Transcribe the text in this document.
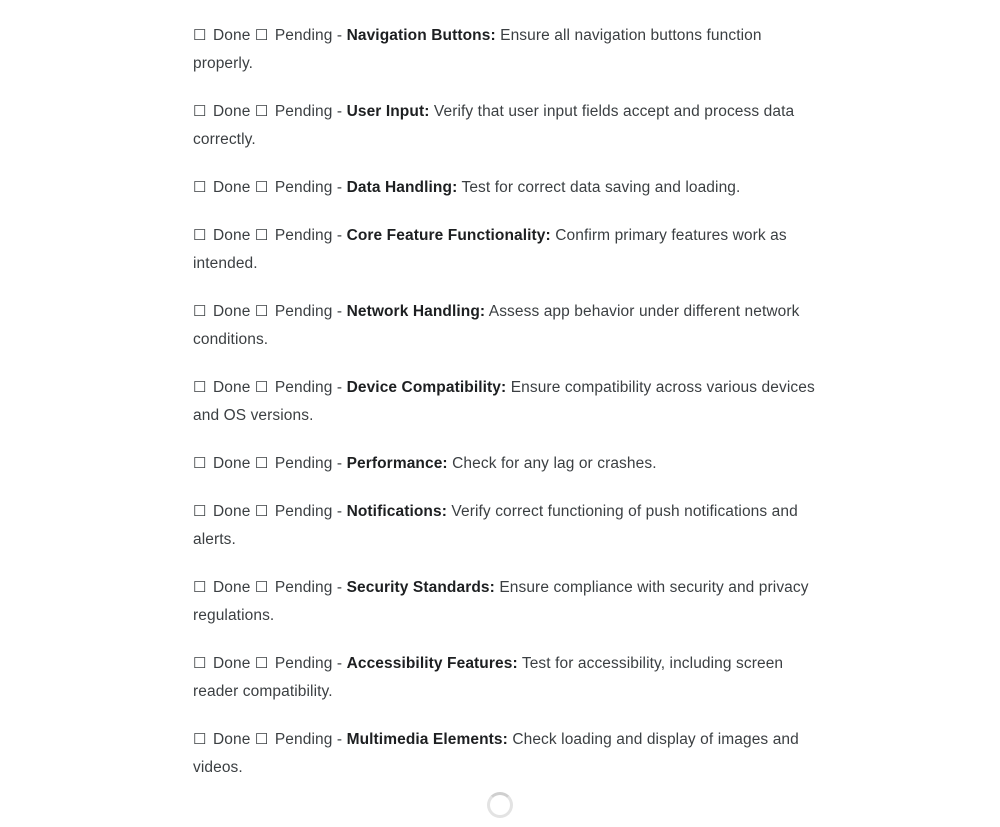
☐ Done ☐ Pending - Navigation Buttons: Ensure all navigation buttons function properly.

☐ Done ☐ Pending - User Input: Verify that user input fields accept and process data correctly.

☐ Done ☐ Pending - Data Handling: Test for correct data saving and loading.

☐ Done ☐ Pending - Core Feature Functionality: Confirm primary features work as intended.

☐ Done ☐ Pending - Network Handling: Assess app behavior under different network conditions.

☐ Done ☐ Pending - Device Compatibility: Ensure compatibility across various devices and OS versions.

☐ Done ☐ Pending - Performance: Check for any lag or crashes.

☐ Done ☐ Pending - Notifications: Verify correct functioning of push notifications and alerts.

☐ Done ☐ Pending - Security Standards: Ensure compliance with security and privacy regulations.

☐ Done ☐ Pending - Accessibility Features: Test for accessibility, including screen reader compatibility.

☐ Done ☐ Pending - Multimedia Elements: Check loading and display of images and videos.
